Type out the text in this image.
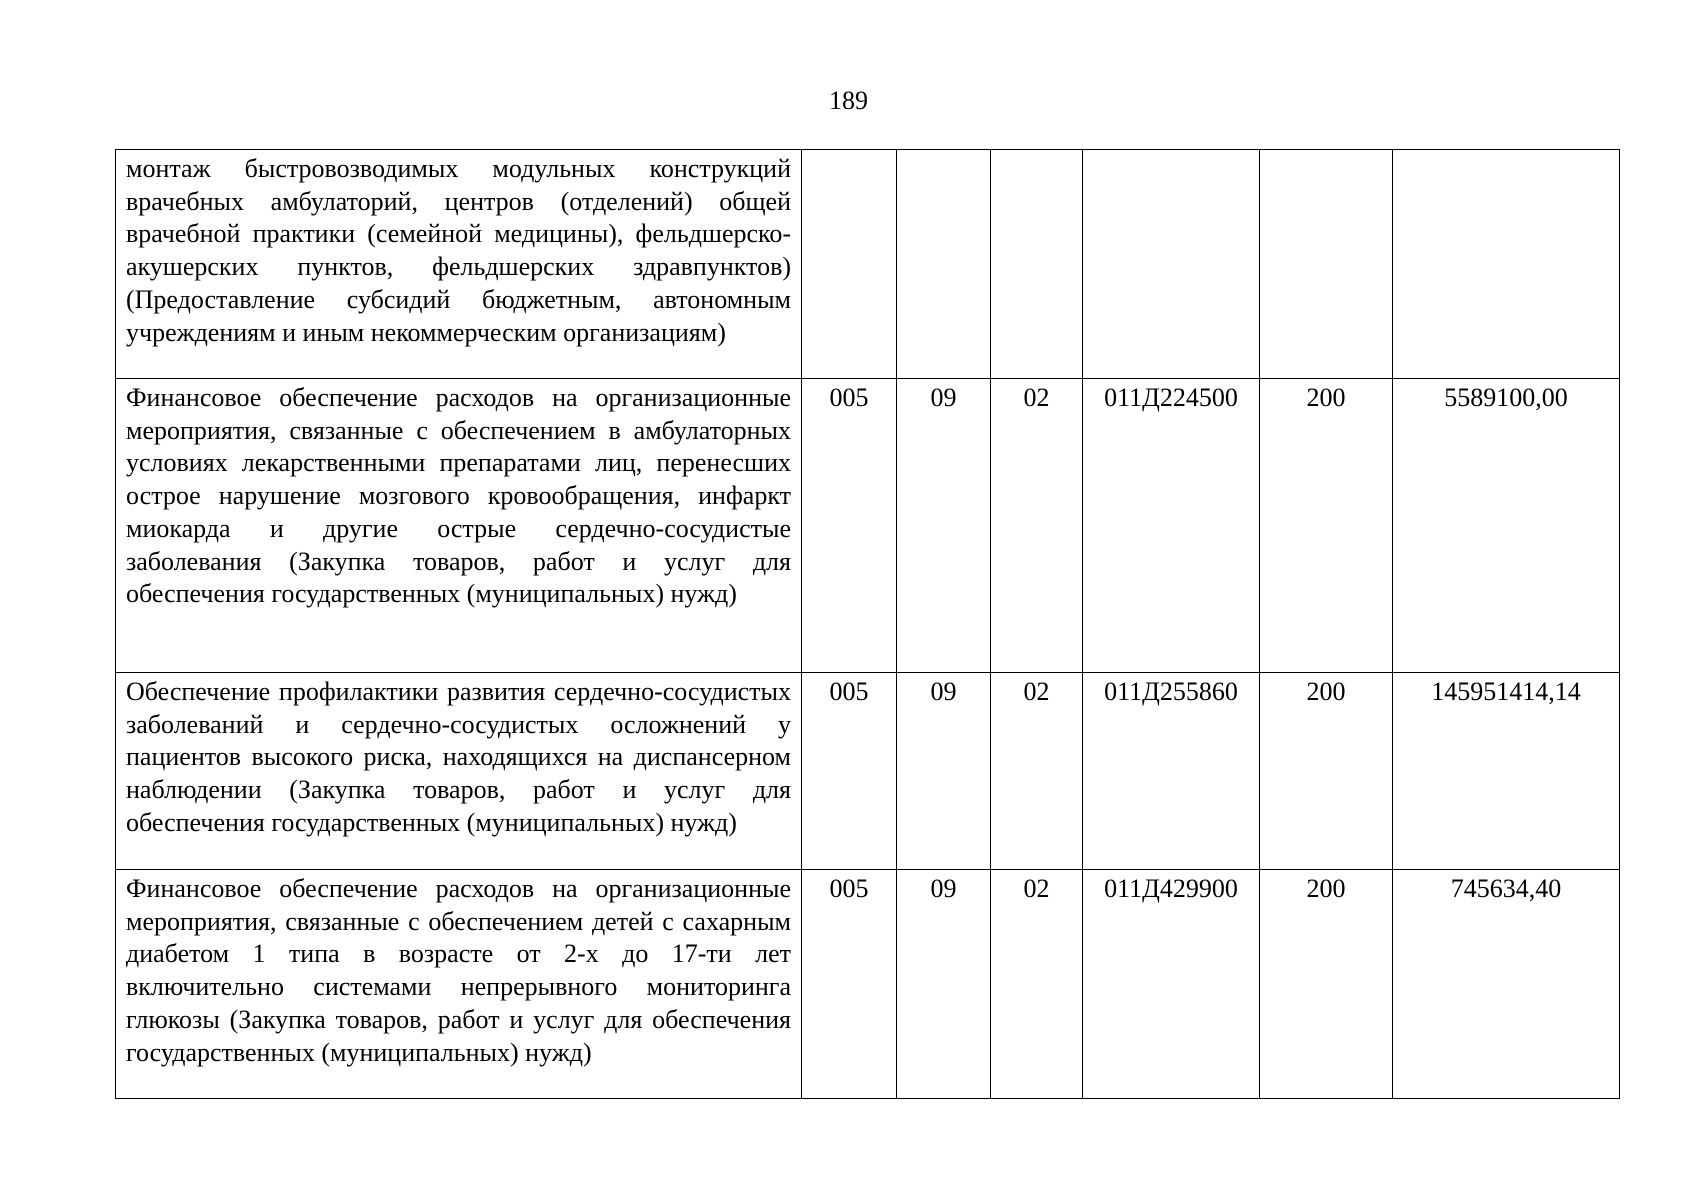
189
монтаж быстровозводимых модульных конструкций врачебных амбулаторий, центров (отделений) общей врачебной практики (семейной медицины), фельдшерско-акушерских пунктов, фельдшерских здравпунктов) (Предоставление субсидий бюджетным, автономным учреждениям и иным некоммерческим организациям)						
Финансовое обеспечение расходов на организационные мероприятия, связанные с обеспечением в амбулаторных условиях лекарственными препаратами лиц, перенесших острое нарушение мозгового кровообращения, инфаркт миокарда и другие острые сердечно-сосудистые заболевания (Закупка товаров, работ и услуг для обеспечения государственных (муниципальных) нужд)	005	09	02	011Д224500	200	5589100,00
Обеспечение профилактики развития сердечно-сосудистых заболеваний и сердечно-сосудистых осложнений у пациентов высокого риска, находящихся на диспансерном наблюдении (Закупка товаров, работ и услуг для обеспечения государственных (муниципальных) нужд)	005	09	02	011Д255860	200	145951414,14
Финансовое обеспечение расходов на организационные мероприятия, связанные с обеспечением детей с сахарным диабетом 1 типа в возрасте от 2-х до 17-ти лет включительно системами непрерывного мониторинга глюкозы (Закупка товаров, работ и услуг для обеспечения государственных (муниципальных) нужд)	005	09	02	011Д429900	200	745634,40
